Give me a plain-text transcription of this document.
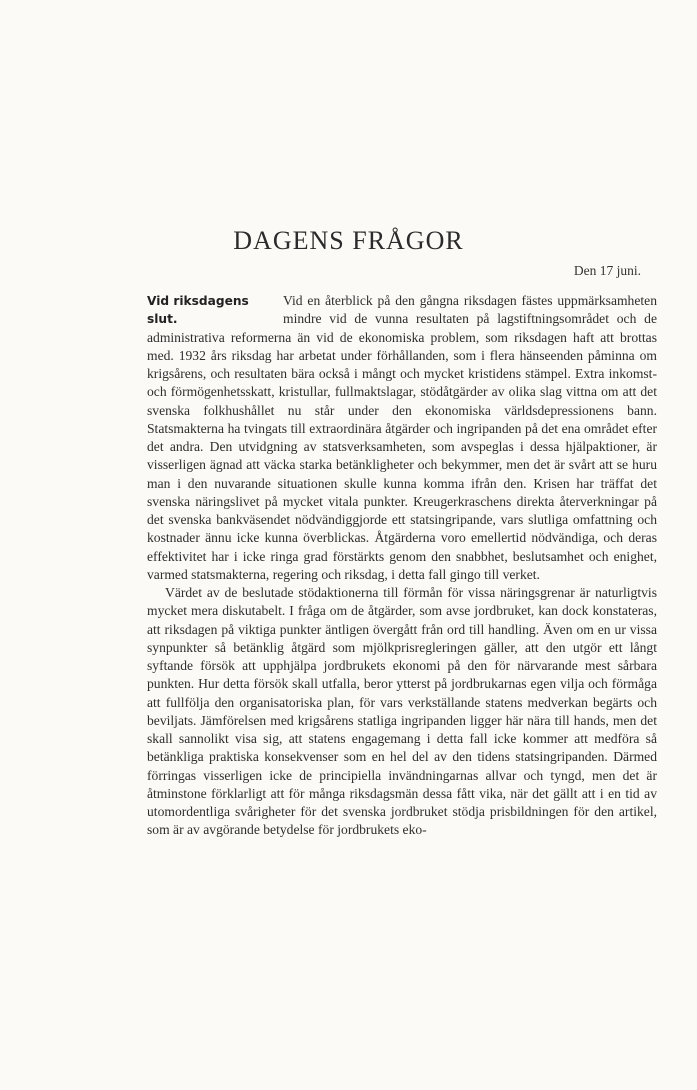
DAGENS FRÅGOR
Den 17 juni.
Vid riksdagens
slut.

Vid en återblick på den gångna riksdagen fästes uppmärksamheten mindre vid de vunna resultaten på lagstiftningsområdet och de administrativa reformerna än vid de ekonomiska problem, som riksdagen haft att brottas med. 1932 års riksdag har arbetat under förhållanden, som i flera hänseenden påminna om krigsårens, och resultaten bära också i mångt och mycket kristidens stämpel. Extra inkomst- och förmögenhetsskatt, kristullar, fullmaktslagar, stödåtgärder av olika slag vittna om att det svenska folkhushållet nu står under den ekonomiska världsdepressionens bann. Statsmakterna ha tvingats till extraordinära åtgärder och ingripanden på det ena området efter det andra. Den utvidgning av statsverksamheten, som avspeglas i dessa hjälpaktioner, är visserligen ägnad att väcka starka betänkligheter och bekymmer, men det är svårt att se huru man i den nuvarande situationen skulle kunna komma ifrån den. Krisen har träffat det svenska näringslivet på mycket vitala punkter. Kreugerkraschens direkta återverkningar på det svenska bankväsendet nödvändiggjorde ett statsingripande, vars slutliga omfattning och kostnader ännu icke kunna överblickas. Åtgärderna voro emellertid nödvändiga, och deras effektivitet har i icke ringa grad förstärkts genom den snabbhet, beslutsamhet och enighet, varmed statsmakterna, regering och riksdag, i detta fall gingo till verket.

Värdet av de beslutade stödaktionerna till förmån för vissa näringsgrenar är naturligtvis mycket mera diskutabelt. I fråga om de åtgärder, som avse jordbruket, kan dock konstateras, att riksdagen på viktiga punkter äntligen övergått från ord till handling. Även om en ur vissa synpunkter så betänklig åtgärd som mjölkprisregleringen gäller, att den utgör ett långt syftande försök att upphjälpa jordbrukets ekonomi på den för närvarande mest sårbara punkten. Hur detta försök skall utfalla, beror ytterst på jordbrukarnas egen vilja och förmåga att fullfölja den organisatoriska plan, för vars verkställande statens medverkan begärts och beviljats. Jämförelsen med krigsårens statliga ingripanden ligger här nära till hands, men det skall sannolikt visa sig, att statens engagemang i detta fall icke kommer att medföra så betänkliga praktiska konsekvenser som en hel del av den tidens statsingripanden. Därmed förringas visserligen icke de principiella invändningarnas allvar och tyngd, men det är åtminstone förklarligt att för många riksdagsmän dessa fått vika, när det gällt att i en tid av utomordentliga svårigheter för det svenska jordbruket stödja prisbildningen för den artikel, som är av avgörande betydelse för jordbrukets eko-
